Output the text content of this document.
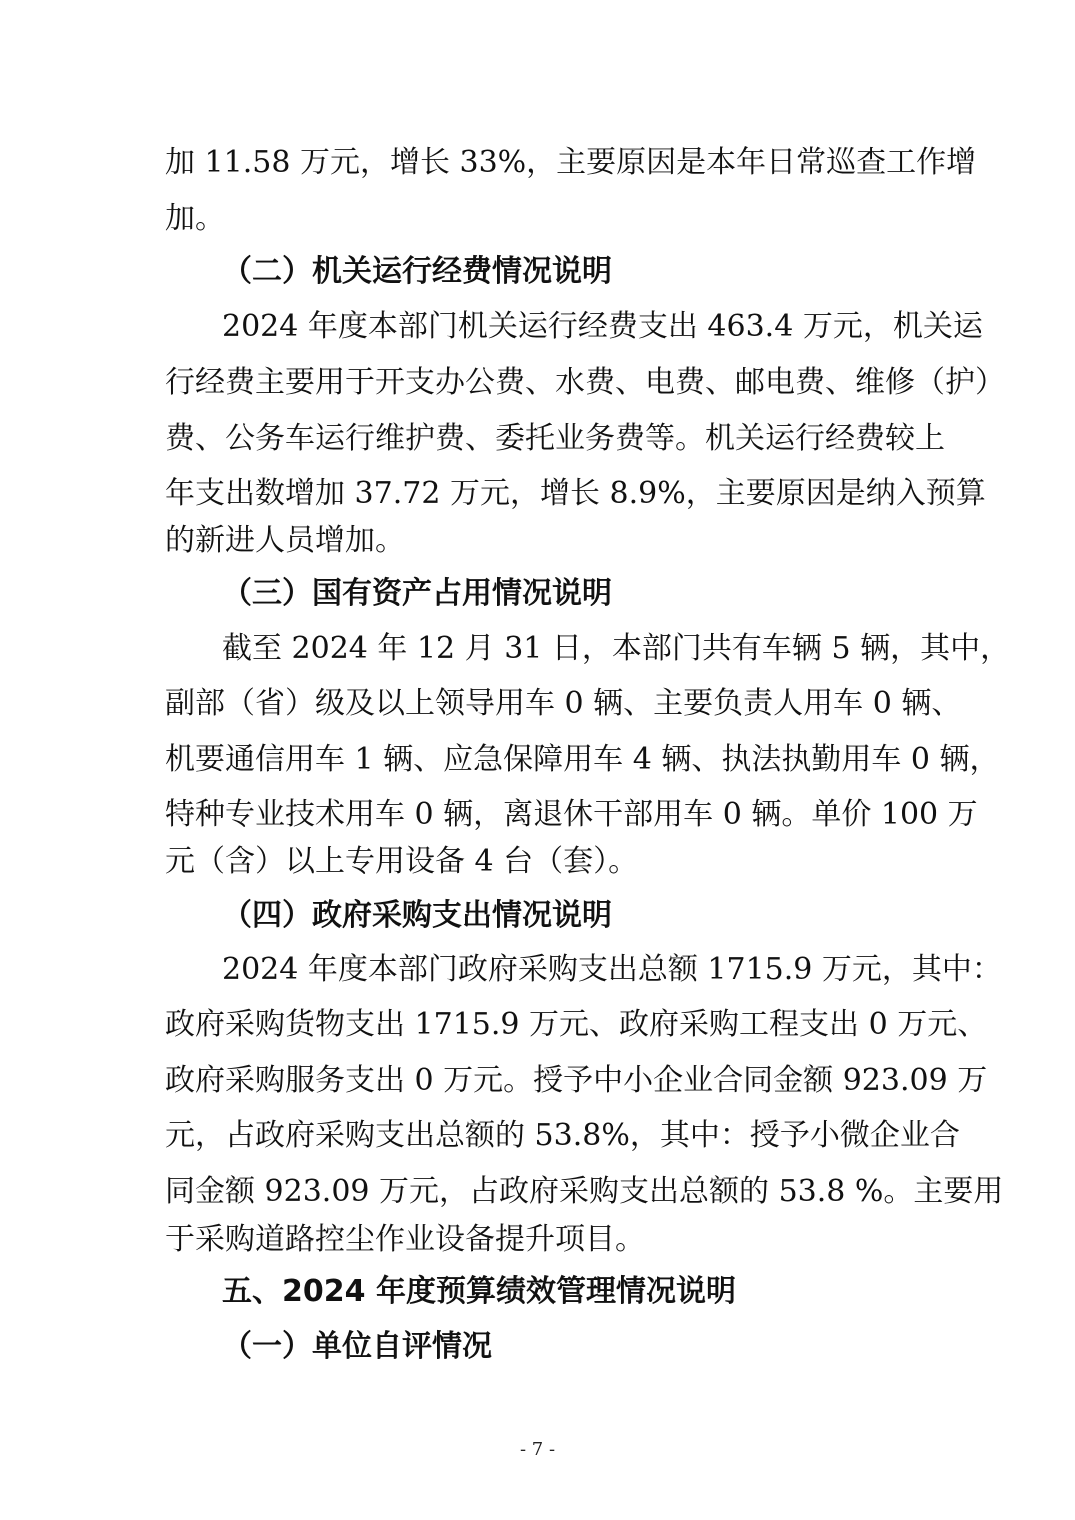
加 11.58 万元，增长 33%，主要原因是本年日常巡查工作增
加。
（二）机关运行经费情况说明
2024 年度本部门机关运行经费支出 463.4 万元，机关运
行经费主要用于开支办公费、水费、电费、邮电费、维修（护）
费、公务车运行维护费、委托业务费等。机关运行经费较上
年支出数增加 37.72 万元，增长 8.9%，主要原因是纳入预算
的新进人员增加。
（三）国有资产占用情况说明
截至 2024 年 12 月 31 日，本部门共有车辆 5 辆，其中，
副部（省）级及以上领导用车 0 辆、主要负责人用车 0 辆、
机要通信用车 1 辆、应急保障用车 4 辆、执法执勤用车 0 辆，
特种专业技术用车 0 辆，离退休干部用车 0 辆。单价 100 万
元（含）以上专用设备 4 台（套）。
（四）政府采购支出情况说明
2024 年度本部门政府采购支出总额 1715.9 万元，其中：
政府采购货物支出 1715.9 万元、政府采购工程支出 0 万元、
政府采购服务支出 0 万元。授予中小企业合同金额 923.09 万
元，占政府采购支出总额的 53.8%，其中：授予小微企业合
同金额 923.09 万元，占政府采购支出总额的 53.8 %。主要用
于采购道路控尘作业设备提升项目。
五、2024 年度预算绩效管理情况说明
（一）单位自评情况
- 7 -
